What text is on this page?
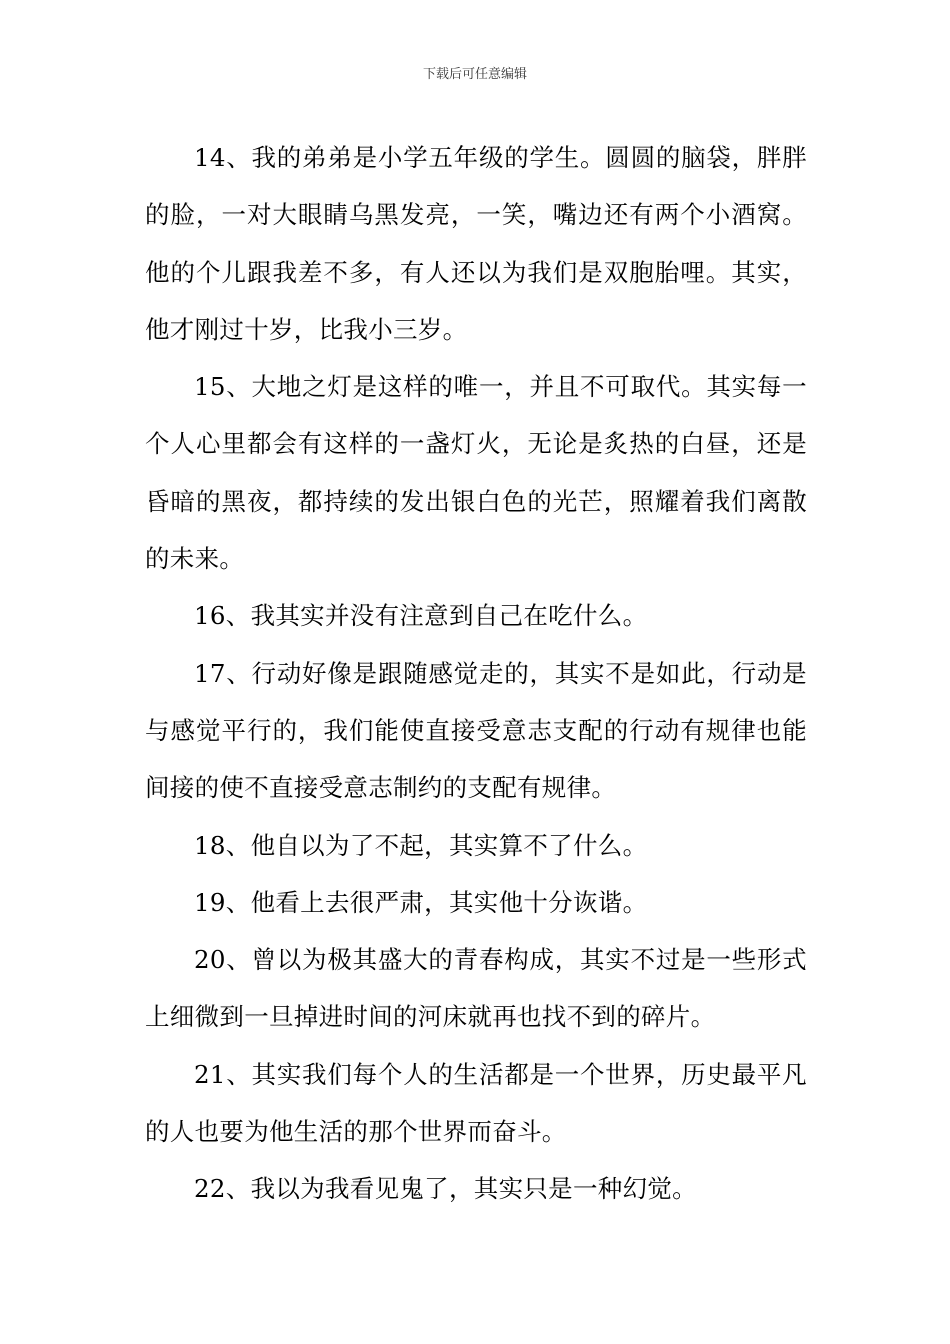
下载后可任意编辑

14、我的弟弟是小学五年级的学生。圆圆的脑袋，胖胖的脸，一对大眼睛乌黑发亮，一笑，嘴边还有两个小酒窝。他的个儿跟我差不多，有人还以为我们是双胞胎哩。其实，他才刚过十岁，比我小三岁。

15、大地之灯是这样的唯一，并且不可取代。其实每一个人心里都会有这样的一盏灯火，无论是炙热的白昼，还是昏暗的黑夜，都持续的发出银白色的光芒，照耀着我们离散的未来。

16、我其实并没有注意到自己在吃什么。

17、行动好像是跟随感觉走的，其实不是如此，行动是与感觉平行的，我们能使直接受意志支配的行动有规律也能间接的使不直接受意志制约的支配有规律。

18、他自以为了不起，其实算不了什么。

19、他看上去很严肃，其实他十分诙谐。

20、曾以为极其盛大的青春构成，其实不过是一些形式上细微到一旦掉进时间的河床就再也找不到的碎片。

21、其实我们每个人的生活都是一个世界，历史最平凡的人也要为他生活的那个世界而奋斗。

22、我以为我看见鬼了，其实只是一种幻觉。
